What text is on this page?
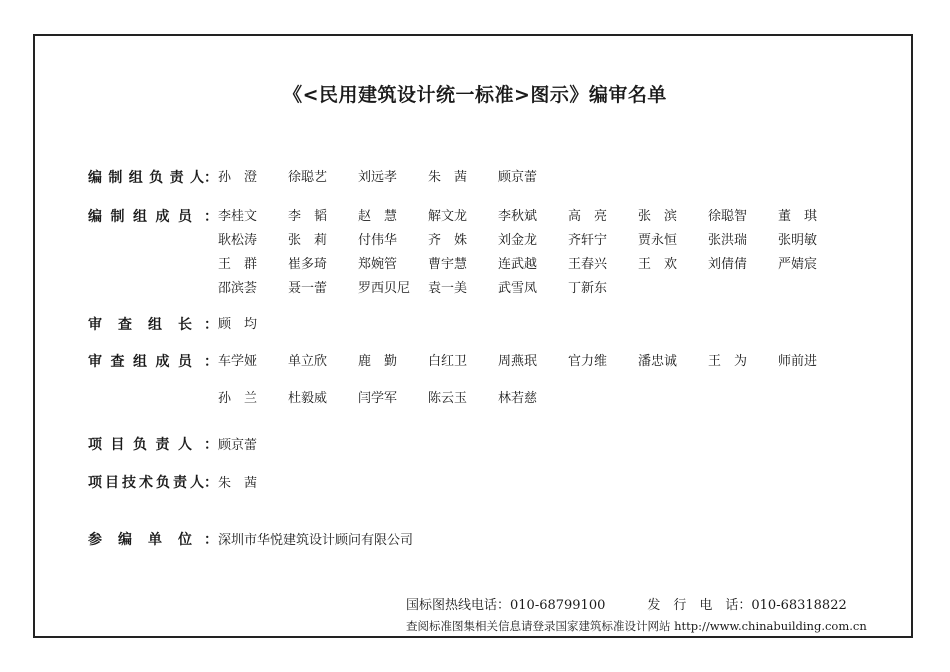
《<民用建筑设计统一标准>图示》编审名单
编 制 组 负 责 人 ： 孙　澄	徐聪艺	刘远孝	朱　茜	顾京蕾
编 制 组 成 员 ： 李桂文	李　韬	赵　慧	解文龙	李秋斌	高　亮	张　滨	徐聪智	董　琪
耿松涛	张　莉	付伟华	齐　姝	刘金龙	齐轩宁	贾永恒	张洪瑞	张明敏
王　群	崔多琦	郑婉管	曹宇慧	连武越	王春兴	王　欢	刘倩倩	严婧宸
邵滨荟	聂一蕾	罗西贝尼	袁一美	武雪凤	丁新东
审 查 组 长 ： 顾　均
审 查 组 成 员 ： 车学娅	单立欣	鹿　勤	白红卫	周燕珉	官力维	潘忠诚	王　为	师前进
孙　兰	杜毅威	闫学军	陈云玉	林若慈
项 目 负 责 人 ： 顾京蕾
项 目 技 术 负 责 人 ： 朱　茜
参 编 单 位 ： 深圳市华悦建筑设计顾问有限公司
国标图热线电话：010-68799100	发　行　电　话：010-68318822
查阅标准图集相关信息请登录国家建筑标准设计网站 http://www.chinabuilding.com.cn
